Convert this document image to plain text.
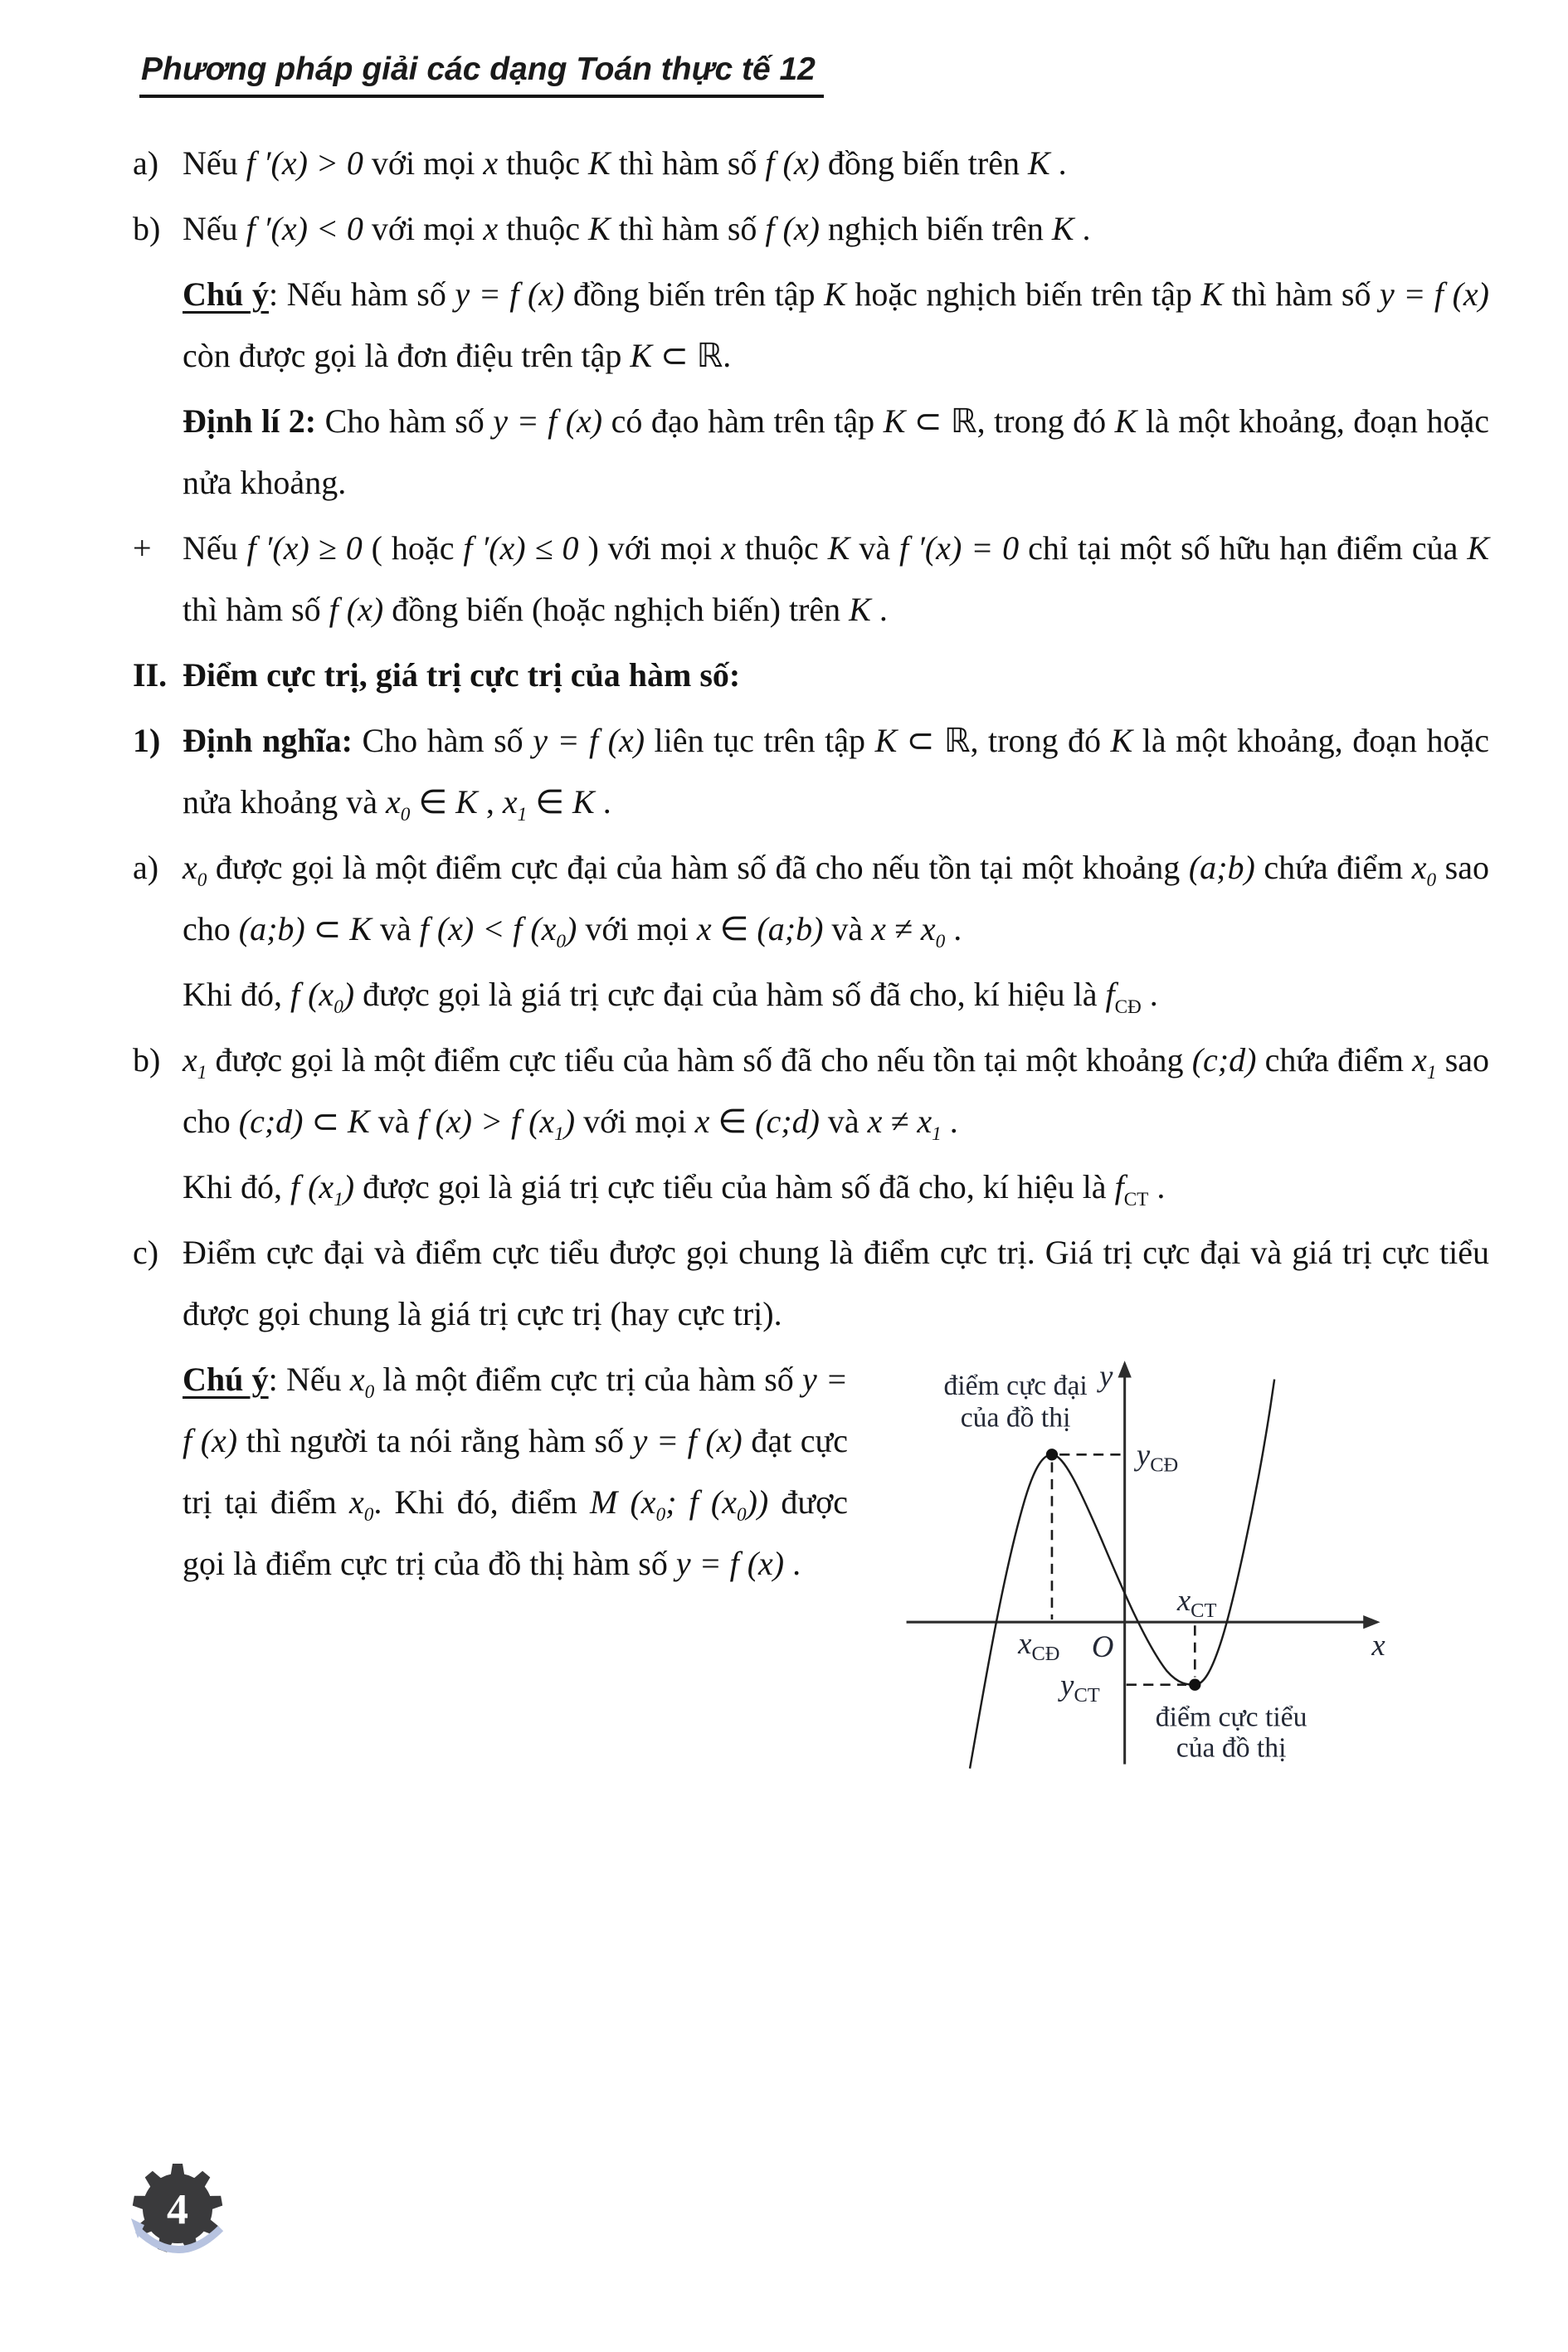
Phương pháp giải các dạng Toán thực tế 12
a) Nếu f ′(x) > 0 với mọi x thuộc K thì hàm số f (x) đồng biến trên K .
b) Nếu f ′(x) < 0 với mọi x thuộc K thì hàm số f (x) nghịch biến trên K .
Chú ý: Nếu hàm số y = f (x) đồng biến trên tập K hoặc nghịch biến trên tập K thì hàm số y = f (x) còn được gọi là đơn điệu trên tập K ⊂ ℝ.
Định lí 2: Cho hàm số y = f (x) có đạo hàm trên tập K ⊂ ℝ, trong đó K là một khoảng, đoạn hoặc nửa khoảng.
+ Nếu f ′(x) ≥ 0 ( hoặc f ′(x) ≤ 0 ) với mọi x thuộc K và f ′(x) = 0 chỉ tại một số hữu hạn điểm của K thì hàm số f (x) đồng biến (hoặc nghịch biến) trên K .
II. Điểm cực trị, giá trị cực trị của hàm số:
1) Định nghĩa: Cho hàm số y = f (x) liên tục trên tập K ⊂ ℝ, trong đó K là một khoảng, đoạn hoặc nửa khoảng và $x_0$ ∈ K , $x_1$ ∈ K .
a) $x_0$ được gọi là một điểm cực đại của hàm số đã cho nếu tồn tại một khoảng (a;b) chứa điểm $x_0$ sao cho (a;b) ⊂ K và f (x) < f $(x_0)$ với mọi x ∈ (a;b) và $x \ne x_0$ .
Khi đó, f $(x_0)$ được gọi là giá trị cực đại của hàm số đã cho, kí hiệu là $f_{CĐ}$ .
b) $x_1$ được gọi là một điểm cực tiểu của hàm số đã cho nếu tồn tại một khoảng (c;d) chứa điểm $x_1$ sao cho (c;d) ⊂ K và f (x) > f $(x_1)$ với mọi x ∈ (c;d) và $x \ne x_1$ .
Khi đó, f $(x_1)$ được gọi là giá trị cực tiểu của hàm số đã cho, kí hiệu là $f_{CT}$ .
c) Điểm cực đại và điểm cực tiểu được gọi chung là điểm cực trị. Giá trị cực đại và giá trị cực tiểu được gọi chung là giá trị cực trị (hay cực trị).
Chú ý: Nếu $x_0$ là một điểm cực trị của hàm số y = f (x) thì người ta nói rằng hàm số y = f (x) đạt cực trị tại điểm $x_0$. Khi đó, điểm M ($x_0$; f $(x_0)$) được gọi là điểm cực trị của đồ thị hàm số y = f (x) .
điểm cực đại
của đồ thị
điểm cực tiểu
của đồ thị
y
x
O
$y_{CĐ}$
$x_{CĐ}$
$x_{CT}$
$y_{CT}$
4
